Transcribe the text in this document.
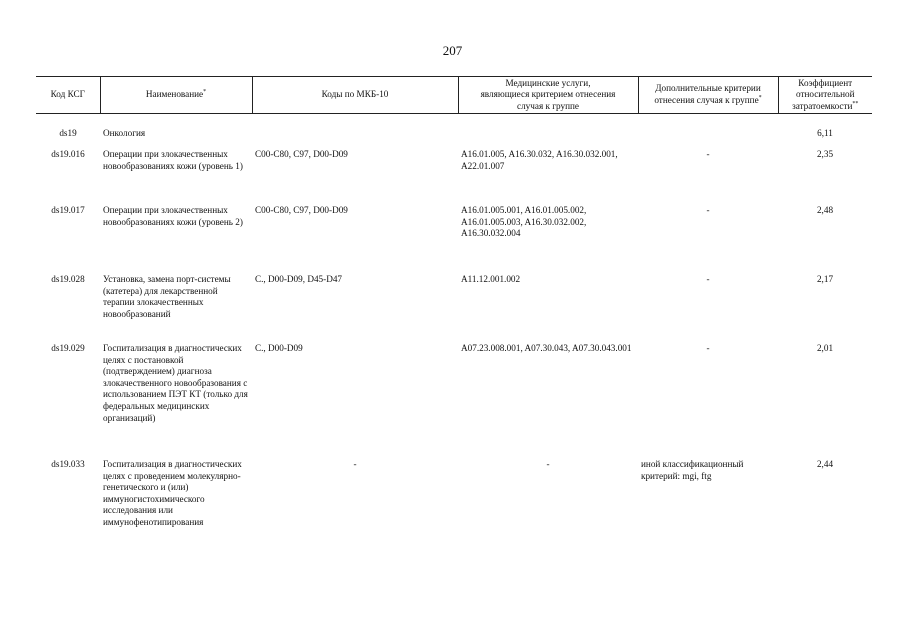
207
Код КСГ	Наименование*	Коды по МКБ-10	Медицинские услуги, являющиеся критерием отнесения случая к группе	Дополнительные критерии отнесения случая к группе*	Коэффициент относительной затратоемкости**

ds19	Онкология				6,11
ds19.016	Операции при злокачественных новообразованиях кожи (уровень 1)	C00-C80, C97, D00-D09	A16.01.005, A16.30.032, A16.30.032.001, A22.01.007	-	2,35
ds19.017	Операции при злокачественных новообразованиях кожи (уровень 2)	C00-C80, C97, D00-D09	A16.01.005.001, A16.01.005.002, A16.01.005.003, A16.30.032.002, A16.30.032.004	-	2,48
ds19.028	Установка, замена порт-системы (катетера) для лекарственной терапии злокачественных новообразований	C., D00-D09, D45-D47	A11.12.001.002	-	2,17
ds19.029	Госпитализация в диагностических целях с постановкой (подтверждением) диагноза злокачественного новообразования с использованием ПЭТ КТ (только для федеральных медицинских организаций)	C., D00-D09	A07.23.008.001, A07.30.043, A07.30.043.001	-	2,01
ds19.033	Госпитализация в диагностических целях с проведением молекулярно-генетического и (или) иммуногистохимического исследования или иммунофенотипирования	-	-	иной классификационный критерий: mgi, ftg	2,44
